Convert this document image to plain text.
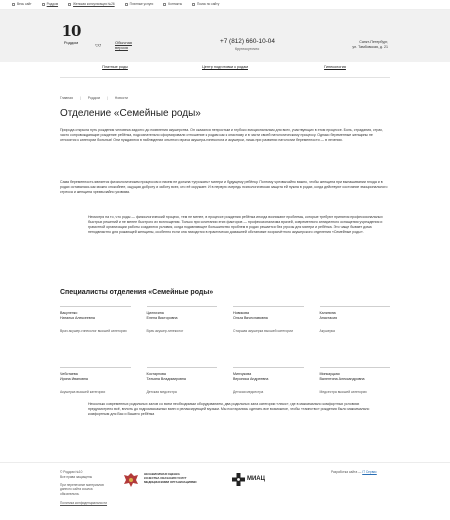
Весь сайт	Роддом	Женская консультация №26	Платные услуги	Контакты	Поиск по сайту
10
Роддом
👓︎
Обычная версия
+7 (812) 660-10-04
Круглосуточно
Санкт-Петербург,
ул. Тамбовская, д. 21
Платные роды	Центр подготовки к родам	Гинекология
Главная | Роддом | Новости
Отделение «Семейные роды»

Природа открыла путь рождения человека задолго до появления акушерства. Он оказался непростым и глубоко эмоциональным для всех, участвующих в этом процессе. Боль, страдания, страх, часто сопровождающие рождение ребёнка, подсознательно сформировали отношение к родам как к опасному и в части своей патологическому процессу. Однако беременные женщины не относятся к категории больных! Они нуждаются в наблюдении опытного врача акушера-гинеколога и акушерки, лишь при развитии патологии беременности — в лечении.

Сама беременность является физиологическим процессом и никем не должна «угрожать» матери и будущему ребёнку. Поэтому чрезвычайно важно, чтобы женщина при вынашивании плода и в родах оставалась как можно спокойнее, ощущая доброту и заботу всех, кто её окружает. И в первую очередь психологическая защита ей нужна в родах, когда действуют состояние эмоционального стресса и женщина чрезвычайно уязвима.

Несмотря на то, что роды — физиологический процесс, тем не менее, в процессе рождения ребёнка иногда возникают проблемы, которые требуют принятия профессиональных быстрых решений и не менее быстрого их воплощения. Только при сочетании этих факторов — профессионализма врачей, современного аппаратного оснащения учреждения и грамотной организации работы создаются условия, когда подавляющее большинство проблем в родах решается без угрозы для матери и ребёнка. Это чаще бывает дома неподвластно для рожающей женщины, особенно если она находится в практически домашней обстановке хозрасчётного акушерского отделения «Семейные роды».

Специалисты отделения «Семейные роды»
Вакуленко
Наталья Алексеевна
Врач акушер-гинеколог высшей категории
Цилюхина
Елена Викторовна
Врач акушер-гинеколог
Новикова
Ольга Вячеславовна
Старшая акушерка высшей категории
Калинина
Анастасия
Акушерка
Чеботаева
Ирина Ивановна
Акушерка высшей категории
Костарнова
Татьяна Владимировна
Детская медсестра
Минчукова
Вероника Андреевна
Детская медсестра
Минкауцкая
Валентина Александровна
Медсестра высшей категории

Несколько современных родильных залов со всем необходимым оборудованием, два родильных зала категории «люкс», где в максимально комфортных условиях предусмотрено всё, вплоть до гидромассажных ванн и релаксирующей музыки. Мы постарались сделать все возможное, чтобы «таинство» рождения было максимально комфортным для Вас и Вашего ребёнка

© Роддом №10
Все права защищены
При перепечатке материалов данного сайта ссылка обязательна.
Политика конфиденциальности
НЕЗАВИСИМАЯ ОЦЕНКА
КАЧЕСТВА ОКАЗАНИЯ УСЛУГ
МЕДИЦИНСКИМИ ОРГАНИЗАЦИЯМИ	МИАЦ
Разработка сайта — IT Сервис
